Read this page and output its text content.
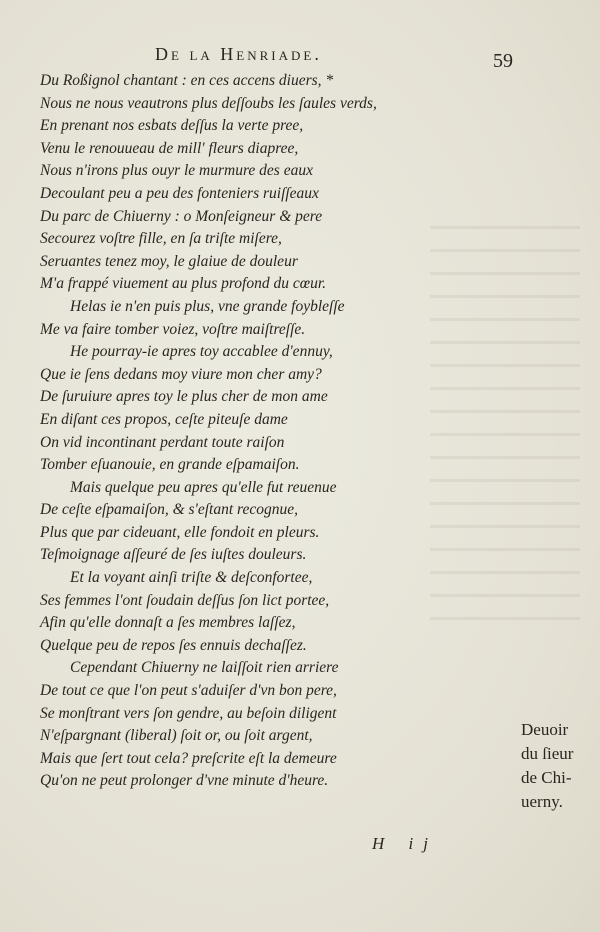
De la Henriade.	59
Du Roßignol chantant : en ces accens diuers, *
Nous ne nous veautrons plus deſſoubs les ſaules verds,
En prenant nos esbats deſſus la verte pree,
Venu le renouueau de mill' fleurs diapree,
Nous n'irons plus ouyr le murmure des eaux
Decoulant peu a peu des fonteniers ruiſſeaux
Du parc de Chiuerny : o Monſeigneur & pere
Secourez voſtre fille, en ſa triſte miſere,
Seruantes tenez moy, le glaiue de douleur
M'a frappé viuement au plus profond du cœur.
Helas ie n'en puis plus, vne grande foybleſſe
Me va faire tomber voiez, voſtre maiſtreſſe.
He pourray-ie apres toy accablee d'ennuy,
Que ie ſens dedans moy viure mon cher amy?
De ſuruiure apres toy le plus cher de mon ame
En diſant ces propos, ceſte piteuſe dame
On vid incontinant perdant toute raiſon
Tomber eſuanouie, en grande eſpamaiſon.
Mais quelque peu apres qu'elle fut reuenue
De ceſte eſpamaiſon, & s'eſtant recognue,
Plus que par cideuant, elle fondoit en pleurs.
Teſmoignage aſſeuré de ſes iuſtes douleurs.
Et la voyant ainſi triſte & deſconfortee,
Ses femmes l'ont ſoudain deſſus ſon lict portee,
Afin qu'elle donnaſt a ſes membres laſſez,
Quelque peu de repos ſes ennuis dechaſſez.
Cependant Chiuerny ne laiſſoit rien arriere
De tout ce que l'on peut s'aduiſer d'vn bon pere,
Se monſtrant vers ſon gendre, au beſoin diligent
N'eſpargnant (liberal) ſoit or, ou ſoit argent,
Mais que ſert tout cela? preſcrite eſt la demeure
Qu'on ne peut prolonger d'vne minute d'heure.
Deuoir
du ſieur
de Chi-
uerny.
H ij
